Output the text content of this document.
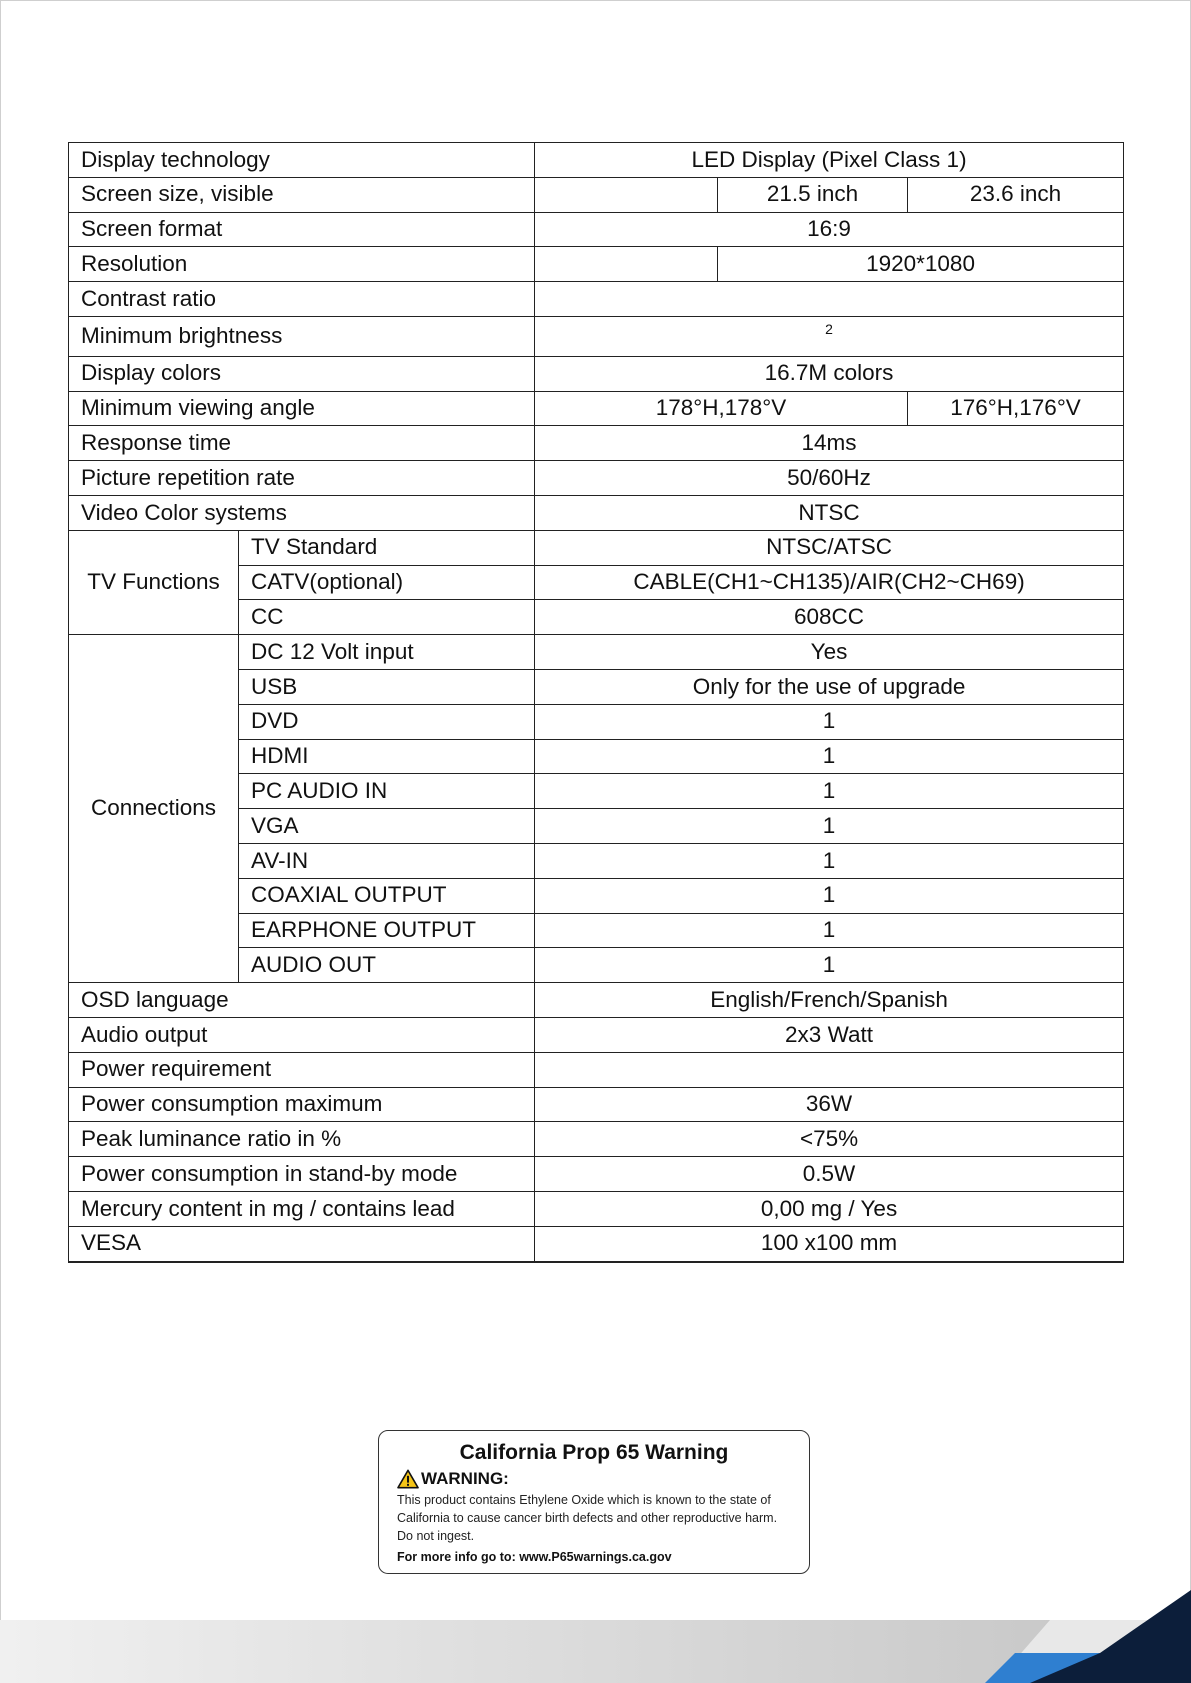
Display technology		LED Display (Pixel Class 1)		
Screen size, visible			21.5 inch	23.6 inch
Screen format		16:9		
Resolution			1920*1080	
Contrast ratio				
Minimum brightness		2		
Display colors		16.7M colors		
Minimum viewing angle		178°H,178°V		176°H,176°V
Response time		14ms		
Picture repetition rate		50/60Hz		
Video Color systems		NTSC		
TV Functions	TV Standard	NTSC/ATSC		
	CATV(optional)	CABLE(CH1~CH135)/AIR(CH2~CH69)		
	CC	608CC		
Connections	DC 12 Volt input	Yes		
	USB	Only for the use of upgrade		
	DVD	1		
	HDMI	1		
	PC AUDIO IN	1		
	VGA	1		
	AV-IN	1		
	COAXIAL OUTPUT	1		
	EARPHONE OUTPUT	1		
	AUDIO OUT	1		
OSD language		English/French/Spanish		
Audio output		2x3 Watt		
Power requirement				
Power consumption maximum		36W		
Peak luminance ratio in %		<75%		
Power consumption in stand-by mode		0.5W		
Mercury content in mg / contains lead		0,00 mg / Yes		
VESA		100 x100 mm		
California Prop 65 Warning
WARNING:
This product contains Ethylene Oxide which is known to the state of California to cause cancer birth defects and other reproductive harm. Do not ingest.
For more info go to: www.P65warnings.ca.gov
